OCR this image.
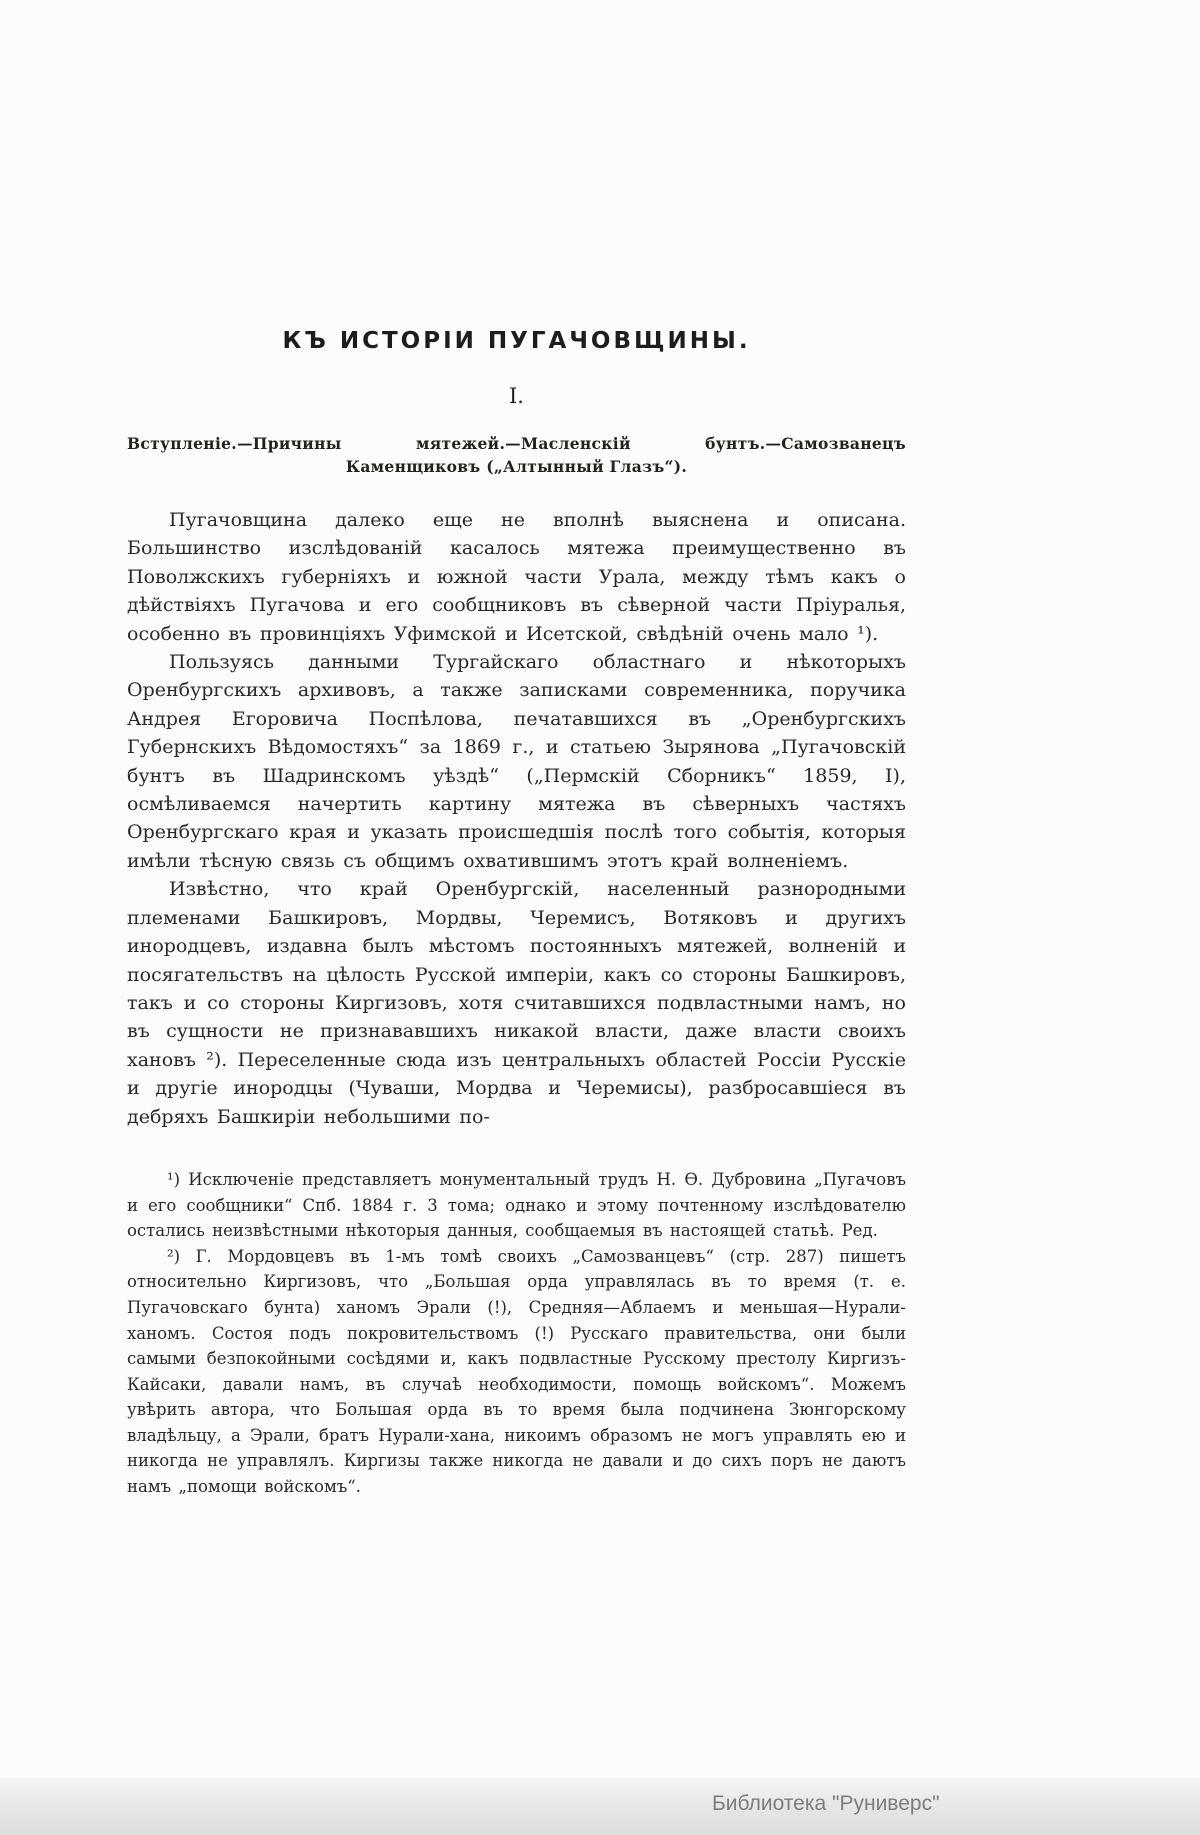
КЪ ИСТОРІИ ПУГАЧОВЩИНЫ.
I.

Вступленіе.—Причины мятежей.—Масленскій бунтъ.—Самозванецъ Каменщиковъ („Алтынный Глазъ“).

Пугачовщина далеко еще не вполнѣ выяснена и описана. Большинство изслѣдованій касалось мятежа преимущественно въ Поволжскихъ губерніяхъ и южной части Урала, между тѣмъ какъ о дѣйствіяхъ Пугачова и его сообщниковъ въ сѣверной части Пріуралья, особенно въ провинціяхъ Уфимской и Исетской, свѣдѣній очень мало ¹).

Пользуясь данными Тургайскаго областнаго и нѣкоторыхъ Оренбургскихъ архивовъ, а также записками современника, поручика Андрея Егоровича Поспѣлова, печатавшихся въ „Оренбургскихъ Губернскихъ Вѣдомостяхъ“ за 1869 г., и статьею Зырянова „Пугачовскій бунтъ въ Шадринскомъ уѣздѣ“ („Пермскій Сборникъ“ 1859, I), осмѣливаемся начертить картину мятежа въ сѣверныхъ частяхъ Оренбургскаго края и указать происшедшія послѣ того событія, которыя имѣли тѣсную связь съ общимъ охватившимъ этотъ край волненіемъ.

Извѣстно, что край Оренбургскій, населенный разнородными племенами Башкировъ, Мордвы, Черемисъ, Вотяковъ и другихъ инородцевъ, издавна былъ мѣстомъ постоянныхъ мятежей, волненій и посягательствъ на цѣлость Русской имперіи, какъ со стороны Башкировъ, такъ и со стороны Киргизовъ, хотя считавшихся подвластными намъ, но въ сущности не признававшихъ никакой власти, даже власти своихъ хановъ ²). Переселенные сюда изъ центральныхъ областей Россіи Русскіе и другіе инородцы (Чуваши, Мордва и Черемисы), разбросавшіеся въ дебряхъ Башкиріи небольшими по-

¹) Исключеніе представляетъ монументальный трудъ Н. Ѳ. Дубровина „Пугачовъ и его сообщники“ Спб. 1884 г. 3 тома; однако и этому почтенному изслѣдователю остались неизвѣстными нѣкоторыя данныя, сообщаемыя въ настоящей статьѣ. Ред.

²) Г. Мордовцевъ въ 1-мъ томѣ своихъ „Самозванцевъ“ (стр. 287) пишетъ относительно Киргизовъ, что „Большая орда управлялась въ то время (т. е. Пугачовскаго бунта) ханомъ Эрали (!), Средняя—Аблаемъ и меньшая—Нурали-ханомъ. Состоя подъ покровительствомъ (!) Русскаго правительства, они были самыми безпокойными сосѣдями и, какъ подвластные Русскому престолу Киргизъ-Кайсаки, давали намъ, въ случаѣ необходимости, помощь войскомъ“. Можемъ увѣрить автора, что Большая орда въ то время была подчинена Зюнгорскому владѣльцу, а Эрали, братъ Нурали-хана, никоимъ образомъ не могъ управлять ею и никогда не управлялъ. Киргизы также никогда не давали и до сихъ поръ не даютъ намъ „помощи войскомъ“.

Библиотека "Руниверс"
